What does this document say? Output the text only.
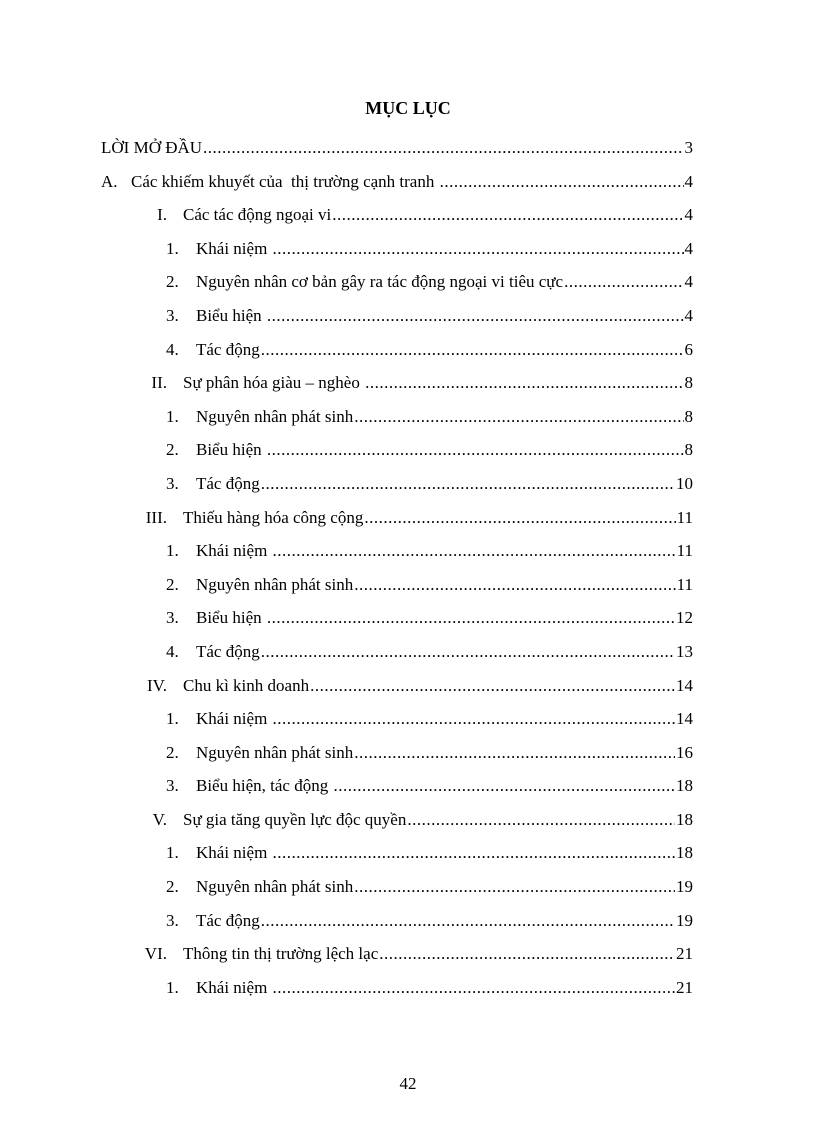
MỤC LỤC
LỜI MỞ ĐẦU .....	3
A. Các khiếm khuyết của  thị trường cạnh tranh .....	4
I. Các tác động ngoại vi .....	4
1.	Khái niệm .....	4
2.	Nguyên nhân cơ bản gây ra tác động ngoại vi tiêu cực .....	4
3.	Biểu hiện .....	4
4.	Tác động .....	6
II. Sự phân hóa giàu – nghèo .....	8
1.	Nguyên nhân phát sinh .....	8
2.	Biểu hiện .....	8
3.	Tác động .....	10
III. Thiếu hàng hóa công cộng .....	11
1.	Khái niệm .....	11
2.	Nguyên nhân phát sinh .....	11
3.	Biểu hiện .....	12
4.	Tác động .....	13
IV. Chu kì kinh doanh .....	14
1.	Khái niệm .....	14
2.	Nguyên nhân phát sinh .....	16
3.	Biểu hiện, tác động .....	18
V. Sự gia tăng quyền lực độc quyền .....	18
1.	Khái niệm .....	18
2.	Nguyên nhân phát sinh .....	19
3.	Tác động .....	19
VI. Thông tin thị trường lệch lạc .....	21
1.	Khái niệm .....	21
42
